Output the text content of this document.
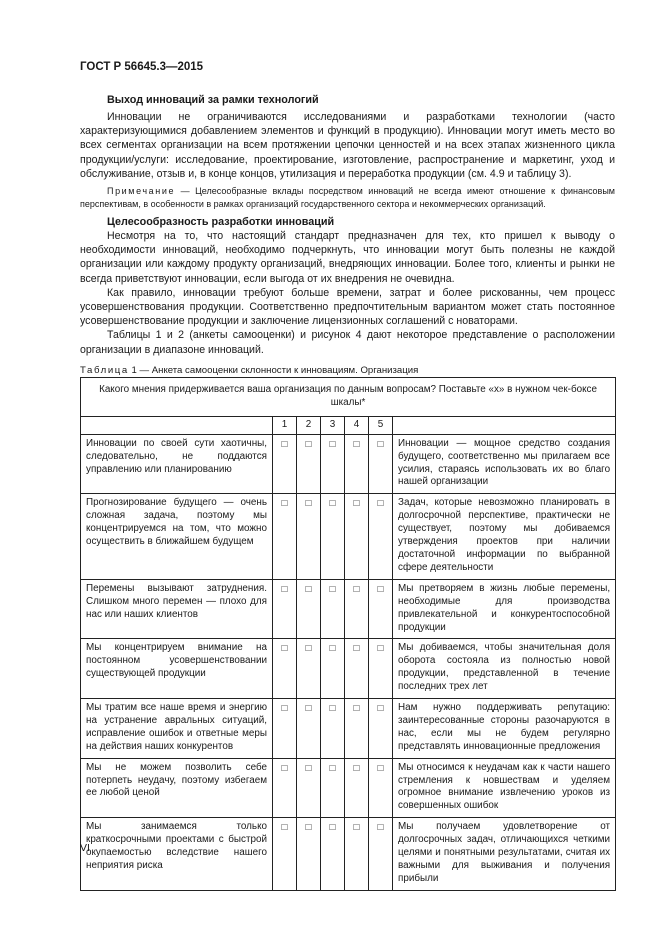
ГОСТ Р 56645.3—2015
Выход инноваций за рамки технологий

Инновации не ограничиваются исследованиями и разработками технологии (часто характеризующимися добавлением элементов и функций в продукцию). Инновации могут иметь место во всех сегментах организации на всем протяжении цепочки ценностей и на всех этапах жизненного цикла продукции/услуги: исследование, проектирование, изготовление, распространение и маркетинг, уход и обслуживание, отзыв и, в конце концов, утилизация и переработка продукции (см. 4.9 и таблицу 3).

Примечание — Целесообразные вклады посредством инноваций не всегда имеют отношение к финансовым перспективам, в особенности в рамках организаций государственного сектора и некоммерческих организаций.
Целесообразность разработки инноваций

Несмотря на то, что настоящий стандарт предназначен для тех, кто пришел к выводу о необходимости инноваций, необходимо подчеркнуть, что инновации могут быть полезны не каждой организации или каждому продукту организаций, внедряющих инновации. Более того, клиенты и рынки не всегда приветствуют инновации, если выгода от их внедрения не очевидна.

Как правило, инновации требуют больше времени, затрат и более рискованны, чем процесс усовершенствования продукции. Соответственно предпочтительным вариантом может стать постоянное усовершенствование продукции и заключение лицензионных соглашений с новаторами.

Таблицы 1 и 2 (анкеты самооценки) и рисунок 4 дают некоторое представление о расположении организации в диапазоне инноваций.

Таблица 1 — Анкета самооценки склонности к инновациям. Организация
Какого мнения придерживается ваша организация по данным вопросам? Поставьте «x» в нужном чек-боксе шкалы*						
	1	2	3	4	5	
Инновации по своей сути хаотичны, следовательно, не поддаются управлению или планированию	□	□	□	□	□	Инновации — мощное средство создания будущего, соответственно мы прилагаем все усилия, стараясь использовать их во благо нашей организации
Прогнозирование будущего — очень сложная задача, поэтому мы концентрируемся на том, что можно осуществить в ближайшем будущем	□	□	□	□	□	Задач, которые невозможно планировать в долгосрочной перспективе, практически не существует, поэтому мы добиваемся утверждения проектов при наличии достаточной информации по выбранной сфере деятельности
Перемены вызывают затруднения. Слишком много перемен — плохо для нас или наших клиентов	□	□	□	□	□	Мы претворяем в жизнь любые перемены, необходимые для производства привлекательной и конкурентоспособной продукции
Мы концентрируем внимание на постоянном усовершенствовании существующей продукции	□	□	□	□	□	Мы добиваемся, чтобы значительная доля оборота состояла из полностью новой продукции, представленной в течение последних трех лет
Мы тратим все наше время и энергию на устранение авральных ситуаций, исправление ошибок и ответные меры на действия наших конкурентов	□	□	□	□	□	Нам нужно поддерживать репутацию: заинтересованные стороны разочаруются в нас, если мы не будем регулярно представлять инновационные предложения
Мы не можем позволить себе потерпеть неудачу, поэтому избегаем ее любой ценой	□	□	□	□	□	Мы относимся к неудачам как к части нашего стремления к новшествам и уделяем огромное внимание извлечению уроков из совершенных ошибок
Мы занимаемся только краткосрочными проектами с быстрой окупаемостью вследствие нашего неприятия риска	□	□	□	□	□	Мы получаем удовлетворение от долгосрочных задач, отличающихся четкими целями и понятными результатами, считая их важными для выживания и получения прибыли
VI
